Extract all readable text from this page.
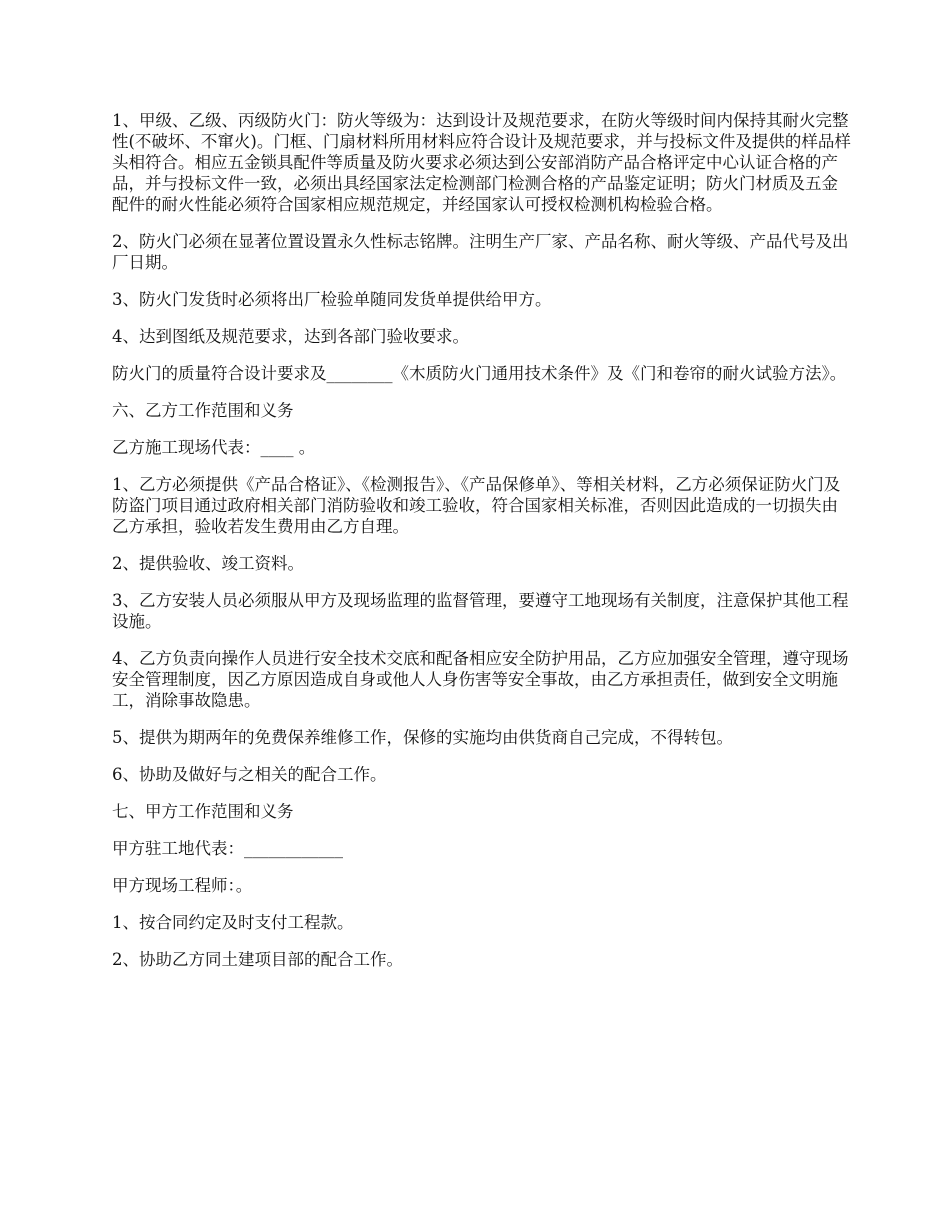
1、甲级、乙级、丙级防火门：防火等级为：达到设计及规范要求，在防火等级时间内保持其耐火完整性(不破坏、不窜火)。门框、门扇材料所用材料应符合设计及规范要求，并与投标文件及提供的样品样头相符合。相应五金锁具配件等质量及防火要求必须达到公安部消防产品合格评定中心认证合格的产品，并与投标文件一致，必须出具经国家法定检测部门检测合格的产品鉴定证明；防火门材质及五金配件的耐火性能必须符合国家相应规范规定，并经国家认可授权检测机构检验合格。

2、防火门必须在显著位置设置永久性标志铭牌。注明生产厂家、产品名称、耐火等级、产品代号及出厂日期。

3、防火门发货时必须将出厂检验单随同发货单提供给甲方。

4、达到图纸及规范要求，达到各部门验收要求。

防火门的质量符合设计要求及________《木质防火门通用技术条件》及《门和卷帘的耐火试验方法》。

六、乙方工作范围和义务

乙方施工现场代表：____ 。

1、乙方必须提供《产品合格证》、《检测报告》、《产品保修单》、等相关材料，乙方必须保证防火门及防盗门项目通过政府相关部门消防验收和竣工验收，符合国家相关标准，否则因此造成的一切损失由乙方承担，验收若发生费用由乙方自理。

2、提供验收、竣工资料。

3、乙方安装人员必须服从甲方及现场监理的监督管理，要遵守工地现场有关制度，注意保护其他工程设施。

4、乙方负责向操作人员进行安全技术交底和配备相应安全防护用品，乙方应加强安全管理，遵守现场安全管理制度，因乙方原因造成自身或他人人身伤害等安全事故，由乙方承担责任，做到安全文明施工，消除事故隐患。

5、提供为期两年的免费保养维修工作，保修的实施均由供货商自己完成，不得转包。

6、协助及做好与之相关的配合工作。

七、甲方工作范围和义务

甲方驻工地代表：____________

甲方现场工程师：。

1、按合同约定及时支付工程款。

2、协助乙方同土建项目部的配合工作。
